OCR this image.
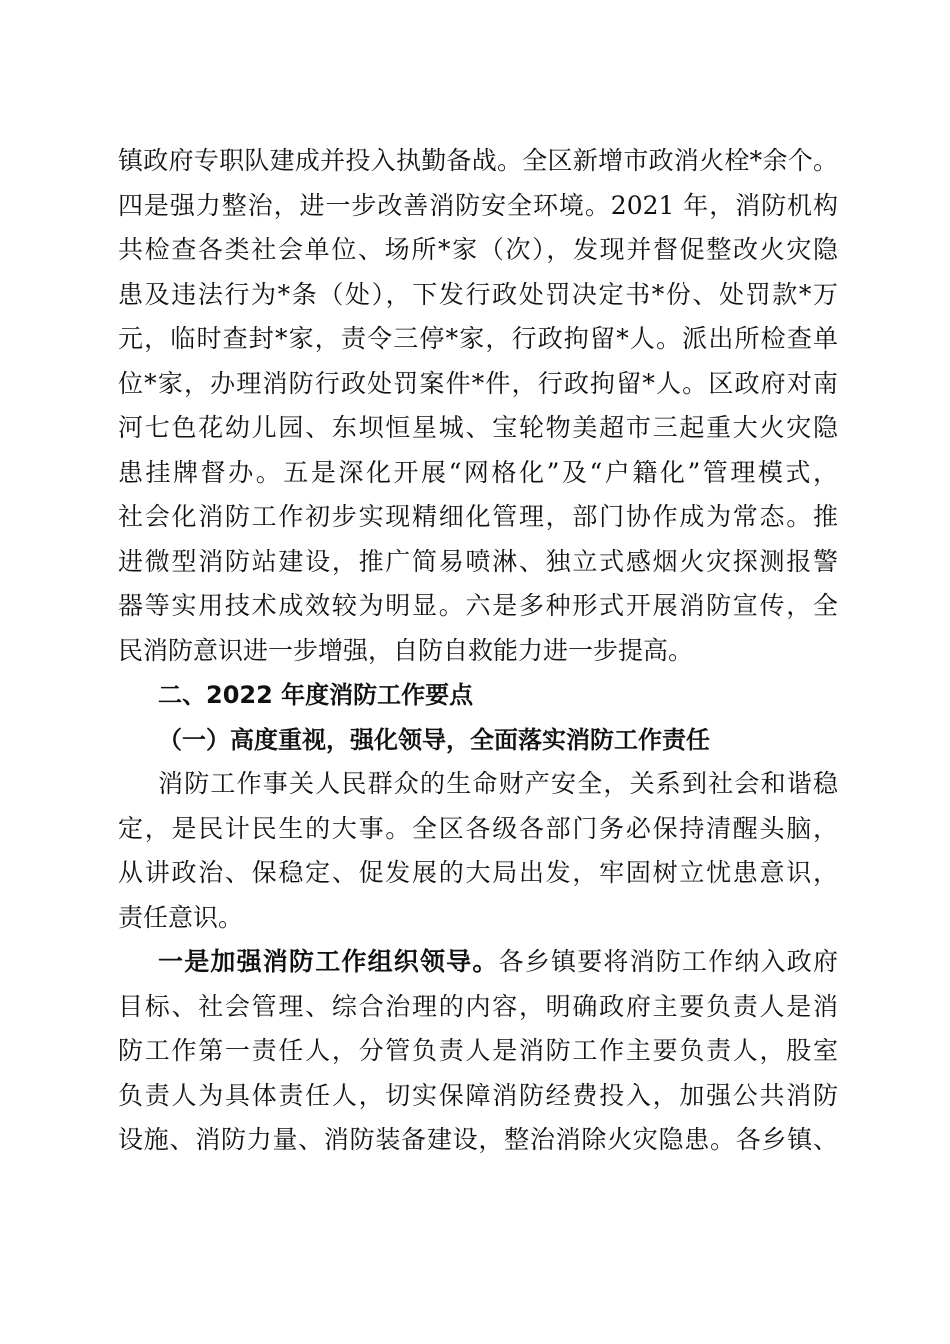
镇政府专职队建成并投入执勤备战。全区新增市政消火栓*余个。
四是强力整治，进一步改善消防安全环境。2021 年，消防机构
共检查各类社会单位、场所*家（次），发现并督促整改火灾隐
患及违法行为*条（处），下发行政处罚决定书*份、处罚款*万
元，临时查封*家，责令三停*家，行政拘留*人。派出所检查单
位*家，办理消防行政处罚案件*件，行政拘留*人。区政府对南
河七色花幼儿园、东坝恒星城、宝轮物美超市三起重大火灾隐
患挂牌督办。五是深化开展“网格化”及“户籍化”管理模式，
社会化消防工作初步实现精细化管理，部门协作成为常态。推
进微型消防站建设，推广简易喷淋、独立式感烟火灾探测报警
器等实用技术成效较为明显。六是多种形式开展消防宣传，全
民消防意识进一步增强，自防自救能力进一步提高。
二、2022 年度消防工作要点
（一）高度重视，强化领导，全面落实消防工作责任
消防工作事关人民群众的生命财产安全，关系到社会和谐稳
定，是民计民生的大事。全区各级各部门务必保持清醒头脑，
从讲政治、保稳定、促发展的大局出发，牢固树立忧患意识，
责任意识。
一是加强消防工作组织领导。各乡镇要将消防工作纳入政府
目标、社会管理、综合治理的内容，明确政府主要负责人是消
防工作第一责任人，分管负责人是消防工作主要负责人，股室
负责人为具体责任人，切实保障消防经费投入，加强公共消防
设施、消防力量、消防装备建设，整治消除火灾隐患。各乡镇、
